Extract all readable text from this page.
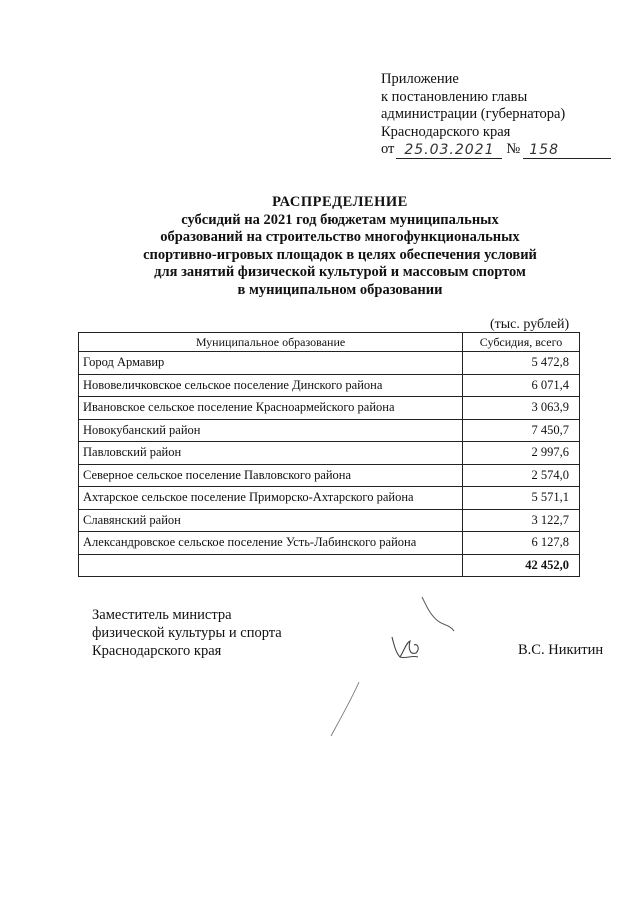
Приложение
к постановлению главы
администрации (губернатора)
Краснодарского края
от 25.03.2021 № 158
РАСПРЕДЕЛЕНИЕ
субсидий на 2021 год бюджетам муниципальных
образований на строительство многофункциональных
спортивно-игровых площадок в целях обеспечения условий
для занятий физической культурой и массовым спортом
в муниципальном образовании
(тыс. рублей)
Муниципальное образование	Субсидия, всего
Город Армавир	5 472,8
Нововеличковское сельское поселение Динского района	6 071,4
Ивановское сельское поселение Красноармейского района	3 063,9
Новокубанский район	7 450,7
Павловский район	2 997,6
Северное сельское поселение Павловского района	2 574,0
Ахтарское сельское поселение Приморско-Ахтарского района	5 571,1
Славянский район	3 122,7
Александровское сельское поселение Усть-Лабинского района	6 127,8
	42 452,0
Заместитель министра
физической культуры и спорта
Краснодарского края	В.С. Никитин
